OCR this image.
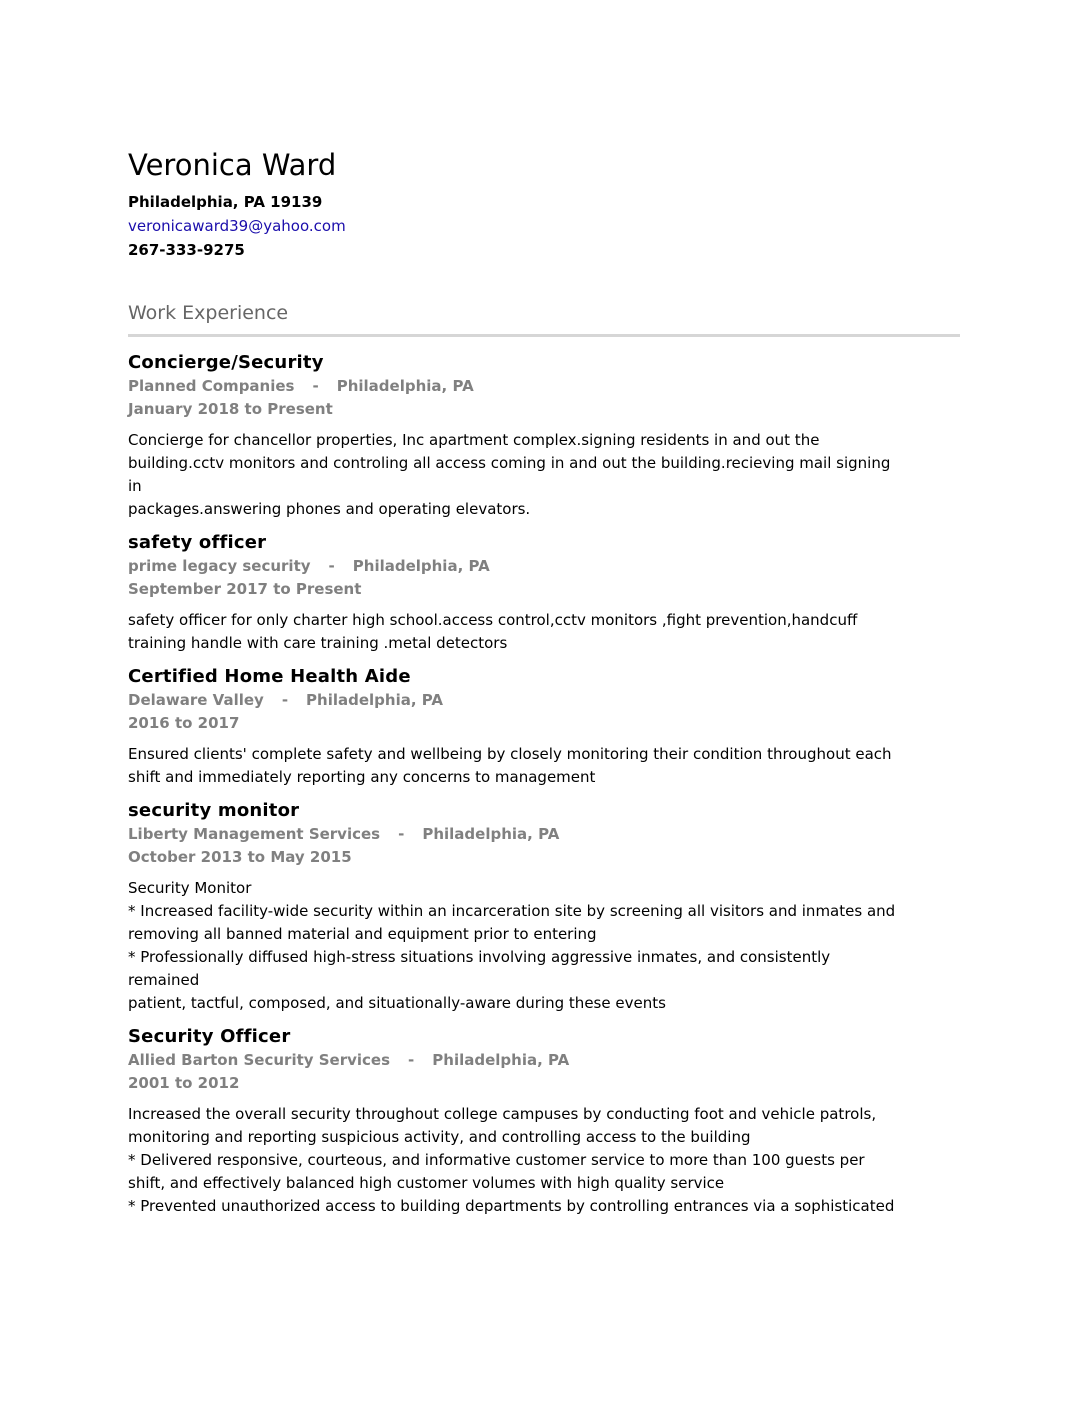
Veronica Ward
Philadelphia, PA 19139
veronicaward39@yahoo.com
267-333-9275
Work Experience
Concierge/Security
Planned Companies - Philadelphia, PA
January 2018 to Present
Concierge for chancellor properties, Inc apartment complex.signing residents in and out the
building.cctv monitors and controling all access coming in and out the building.recieving mail signing
in
packages.answering phones and operating elevators.
safety officer
prime legacy security - Philadelphia, PA
September 2017 to Present
safety officer for only charter high school.access control,cctv monitors ,fight prevention,handcuff
training handle with care training .metal detectors
Certified Home Health Aide
Delaware Valley - Philadelphia, PA
2016 to 2017
Ensured clients' complete safety and wellbeing by closely monitoring their condition throughout each
shift and immediately reporting any concerns to management
security monitor
Liberty Management Services - Philadelphia, PA
October 2013 to May 2015
Security Monitor
* Increased facility-wide security within an incarceration site by screening all visitors and inmates and
removing all banned material and equipment prior to entering
* Professionally diffused high-stress situations involving aggressive inmates, and consistently
remained
patient, tactful, composed, and situationally-aware during these events
Security Officer
Allied Barton Security Services - Philadelphia, PA
2001 to 2012
Increased the overall security throughout college campuses by conducting foot and vehicle patrols,
monitoring and reporting suspicious activity, and controlling access to the building
* Delivered responsive, courteous, and informative customer service to more than 100 guests per
shift, and effectively balanced high customer volumes with high quality service
* Prevented unauthorized access to building departments by controlling entrances via a sophisticated
